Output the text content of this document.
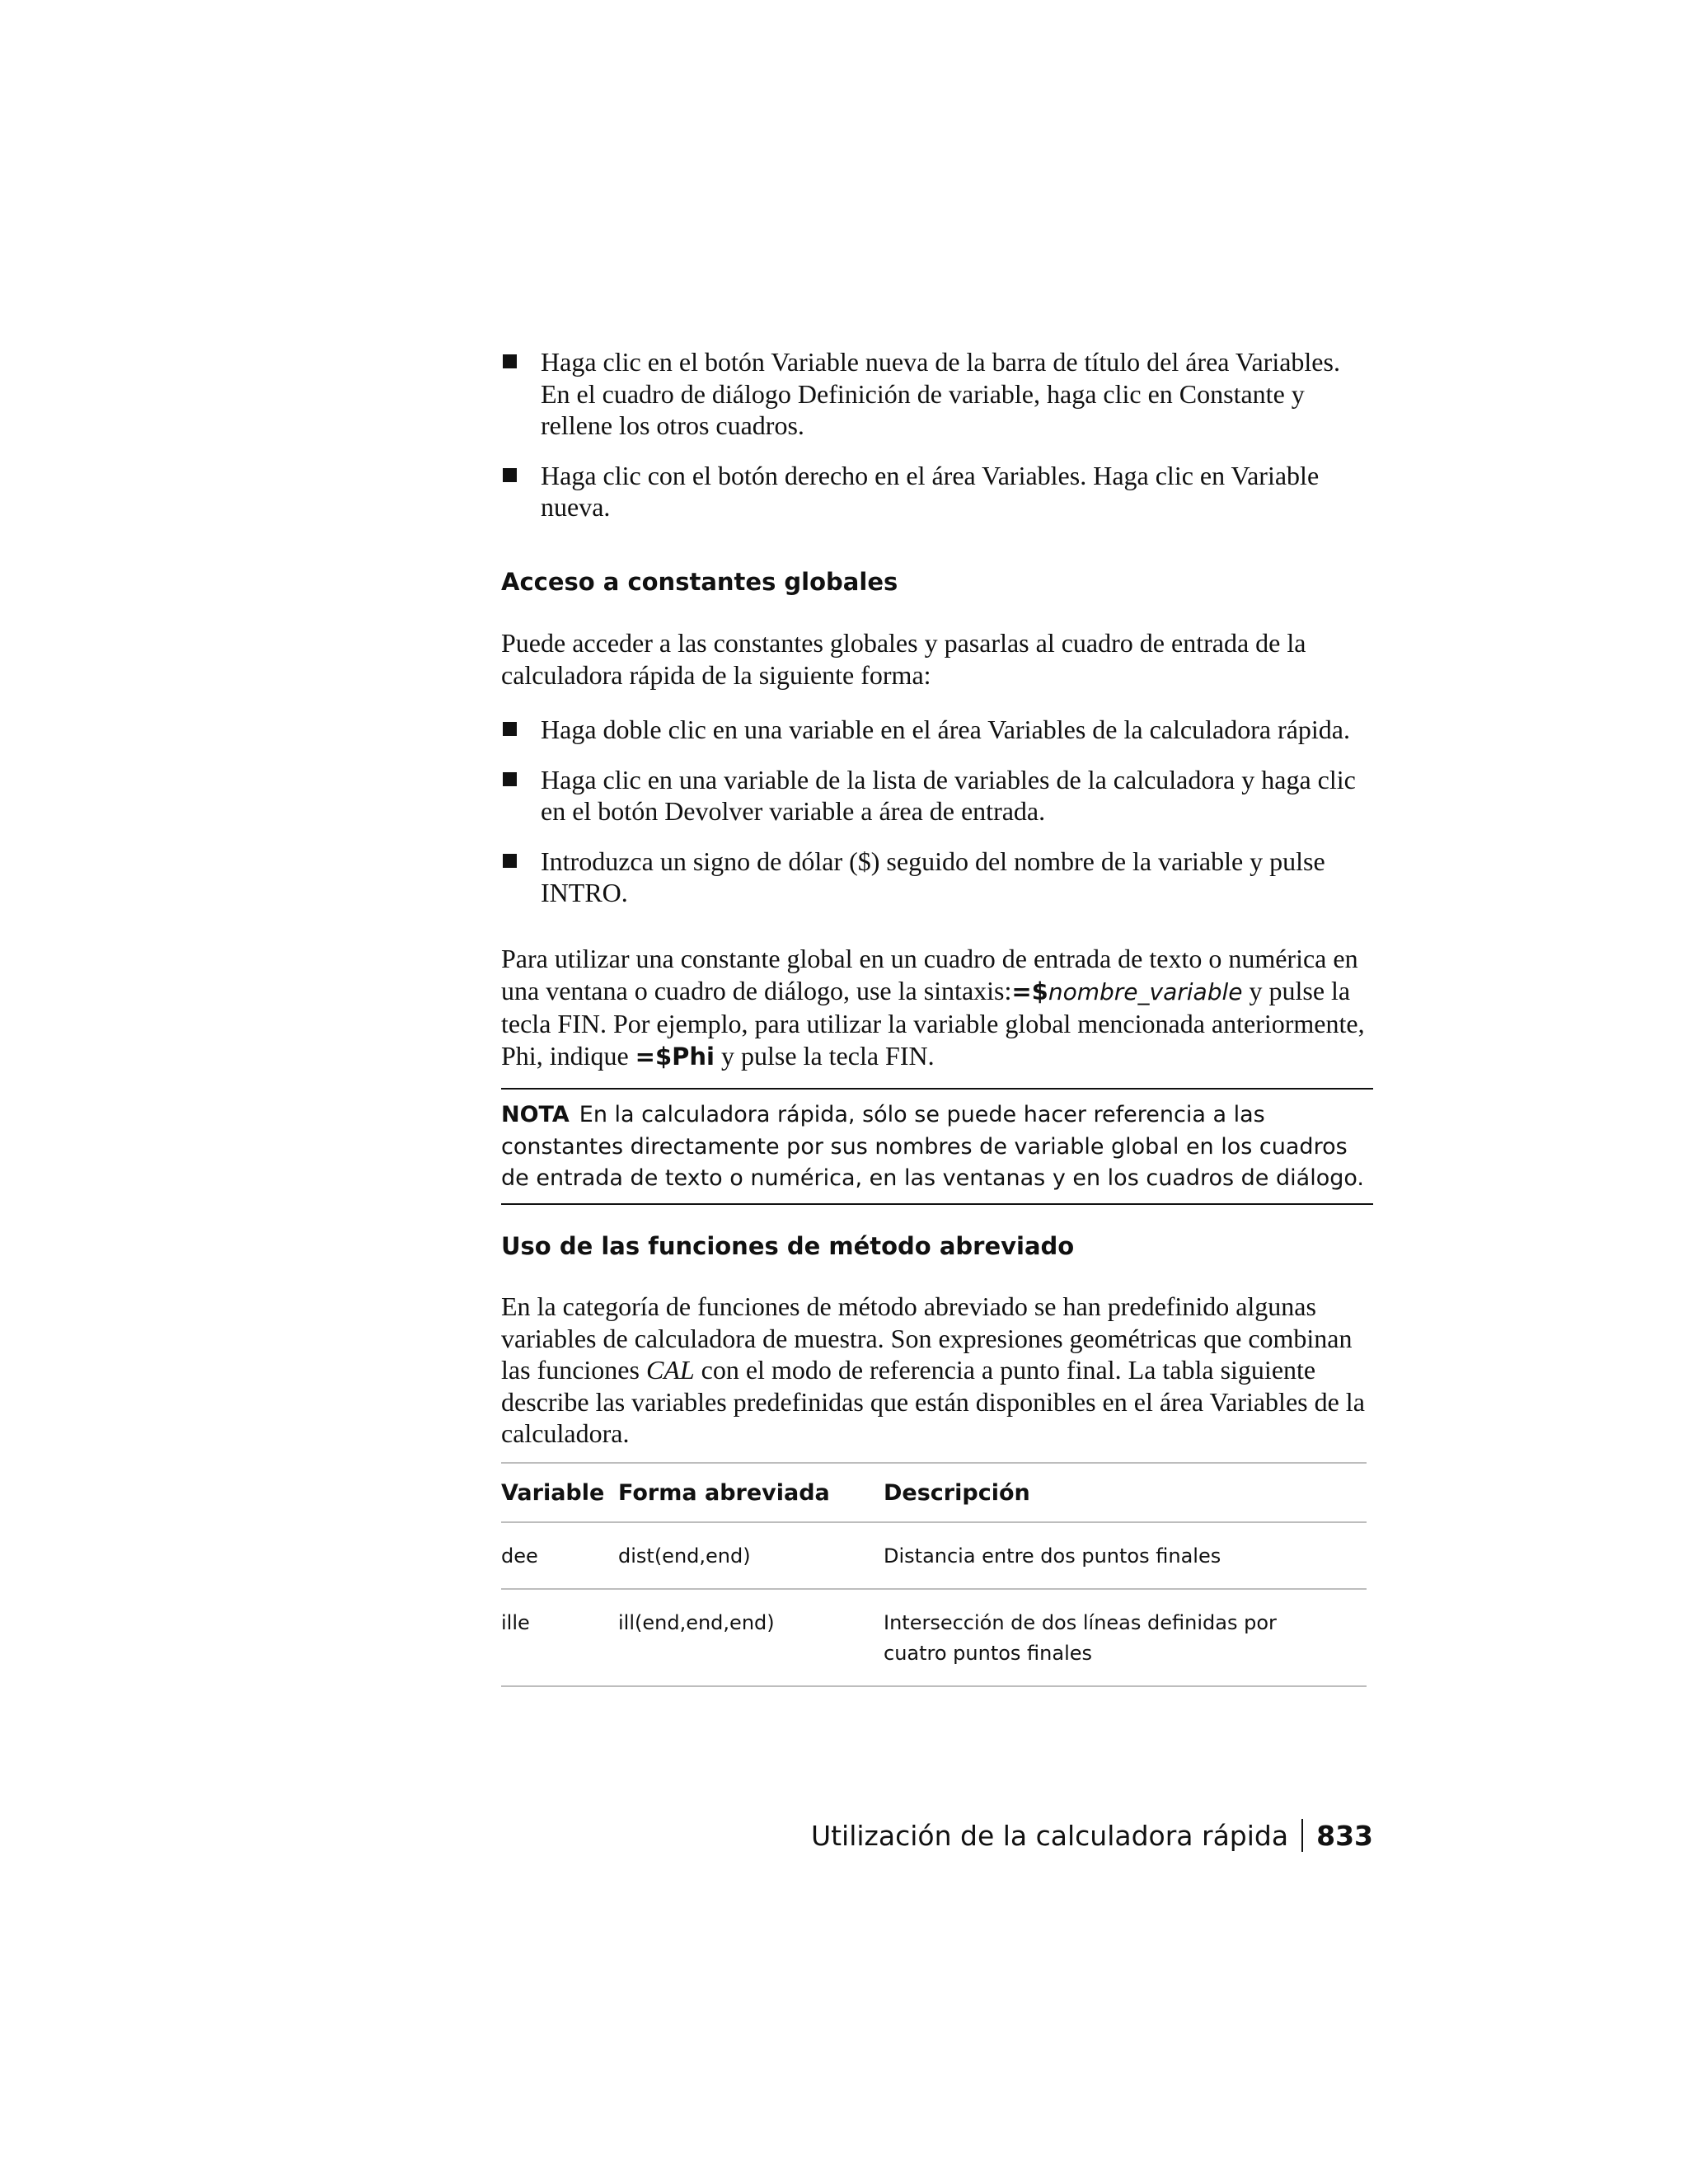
Haga clic en el botón Variable nueva de la barra de título del área Variables. En el cuadro de diálogo Definición de variable, haga clic en Constante y rellene los otros cuadros.

Haga clic con el botón derecho en el área Variables. Haga clic en Variable nueva.

Acceso a constantes globales

Puede acceder a las constantes globales y pasarlas al cuadro de entrada de la calculadora rápida de la siguiente forma:

Haga doble clic en una variable en el área Variables de la calculadora rápida.

Haga clic en una variable de la lista de variables de la calculadora y haga clic en el botón Devolver variable a área de entrada.

Introduzca un signo de dólar ($) seguido del nombre de la variable y pulse INTRO.

Para utilizar una constante global en un cuadro de entrada de texto o numérica en una ventana o cuadro de diálogo, use la sintaxis:=$nombre_variable y pulse la tecla FIN. Por ejemplo, para utilizar la variable global mencionada anteriormente, Phi, indique =$Phi y pulse la tecla FIN.

NOTA En la calculadora rápida, sólo se puede hacer referencia a las constantes directamente por sus nombres de variable global en los cuadros de entrada de texto o numérica, en las ventanas y en los cuadros de diálogo.
Uso de las funciones de método abreviado

En la categoría de funciones de método abreviado se han predefinido algunas variables de calculadora de muestra. Son expresiones geométricas que combinan las funciones CAL con el modo de referencia a punto final. La tabla siguiente describe las variables predefinidas que están disponibles en el área Variables de la calculadora.

Variable	Forma abreviada	Descripción
dee	dist(end,end)	Distancia entre dos puntos finales
ille	ill(end,end,end)	Intersección de dos líneas definidas por cuatro puntos finales
Utilización de la calculadora rápida 833
